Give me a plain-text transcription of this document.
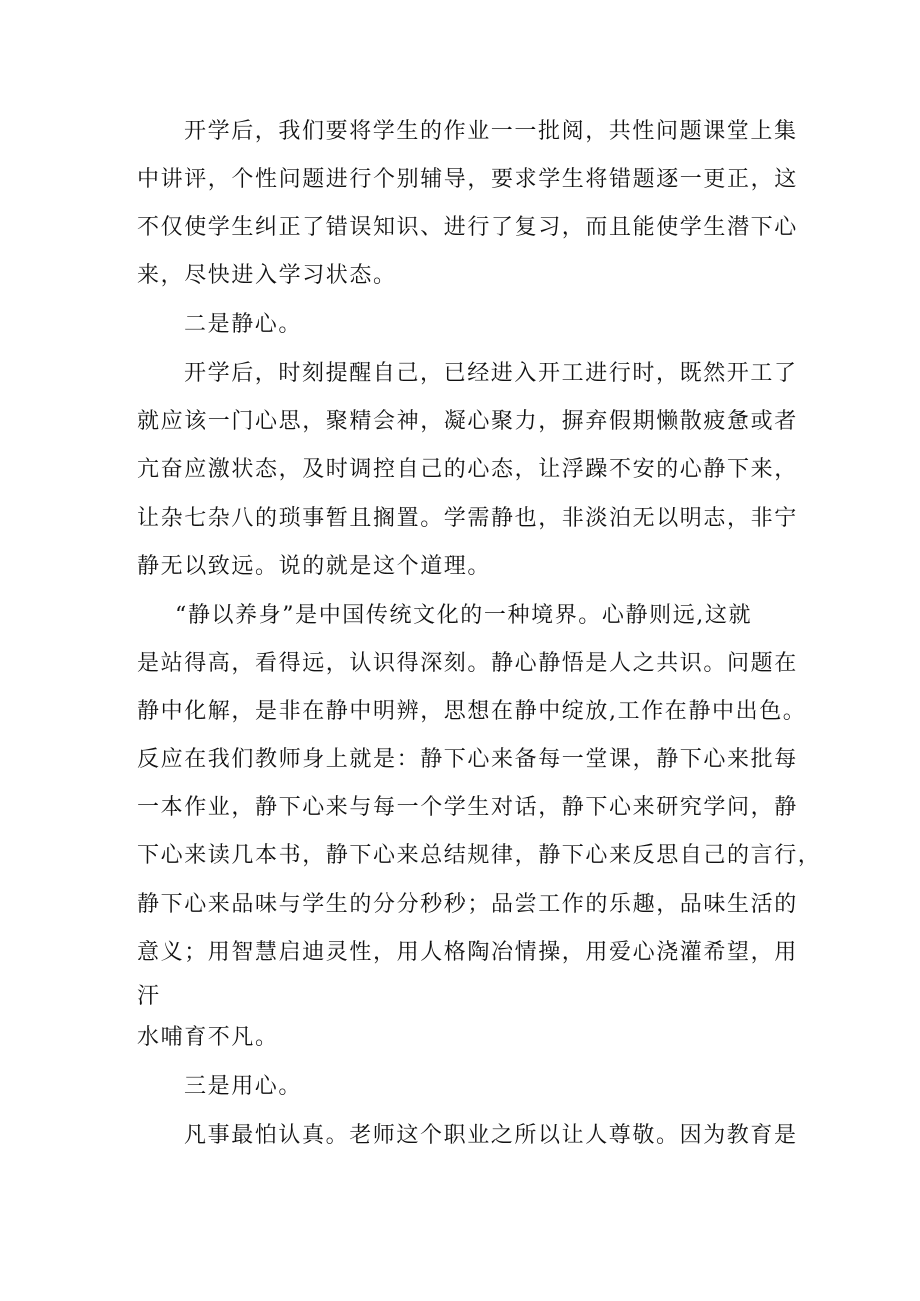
开学后，我们要将学生的作业一一批阅，共性问题课堂上集

中讲评，个性问题进行个别辅导，要求学生将错题逐一更正，这

不仅使学生纠正了错误知识、进行了复习，而且能使学生潜下心

来，尽快进入学习状态。

二是静心。

开学后，时刻提醒自己，已经进入开工进行时，既然开工了

就应该一门心思，聚精会神，凝心聚力，摒弃假期懒散疲惫或者

亢奋应激状态，及时调控自己的心态，让浮躁不安的心静下来，

让杂七杂八的琐事暂且搁置。学需静也，非淡泊无以明志，非宁

静无以致远。说的就是这个道理。

“静以养身”是中国传统文化的一种境界。心静则远,这就

是站得高，看得远，认识得深刻。静心静悟是人之共识。问题在

静中化解，是非在静中明辨，思想在静中绽放,工作在静中出色。

反应在我们教师身上就是：静下心来备每一堂课，静下心来批每

一本作业，静下心来与每一个学生对话，静下心来研究学问，静

下心来读几本书，静下心来总结规律，静下心来反思自己的言行，

静下心来品味与学生的分分秒秒；品尝工作的乐趣，品味生活的

意义；用智慧启迪灵性，用人格陶冶情操，用爱心浇灌希望，用

汗

水哺育不凡。

三是用心。

凡事最怕认真。老师这个职业之所以让人尊敬。因为教育是
